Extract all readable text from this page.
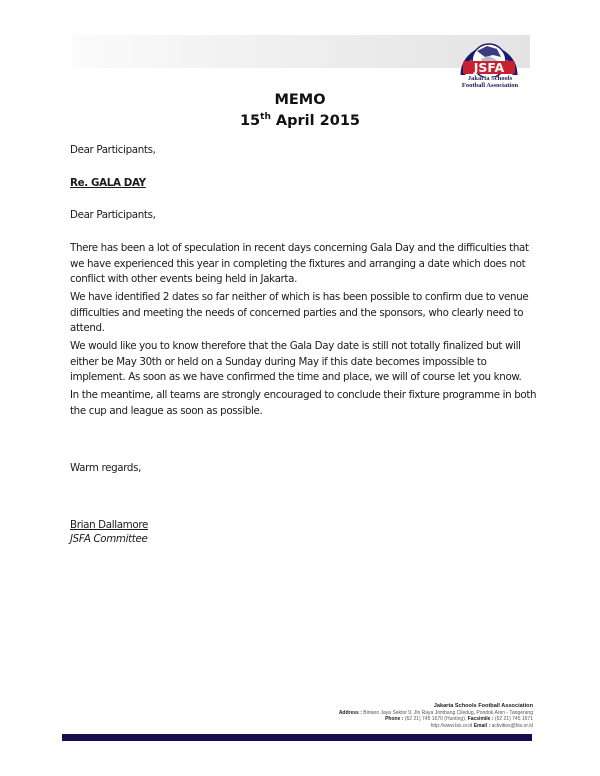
JSFA
Jakarta Schools
Football Association
MEMO
15th April 2015
Dear Participants,
Re. GALA DAY
Dear Participants,
There has been a lot of speculation in recent days concerning Gala Day and the difficulties that we have experienced this year in completing the fixtures and arranging a date which does not conflict with other events being held in Jakarta.
We have identified 2 dates so far neither of which is has been possible to confirm due to venue difficulties and meeting the needs of concerned parties and the sponsors, who clearly need to attend.
We would like you to know therefore that the Gala Day date is still not totally finalized but will either be May 30th or held on a Sunday during May if this date becomes impossible to implement. As soon as we have confirmed the time and place, we will of course let you know.
In the meantime, all teams are strongly encouraged to conclude their fixture programme in both the cup and league as soon as possible.
Warm regards,
Brian Dallamore
JSFA Committee
Jakarta Schools Football Association
Address : Bintaro Jaya Sektor 9, Jln Raya Jombang Ciledug, Pondok Aren - Tangerang
Phone : (62 21) 745 1670 (Hunting), Facsimile : (62 21) 745 1671
http://www.bis.or.id Email : activities@bis.or.id
